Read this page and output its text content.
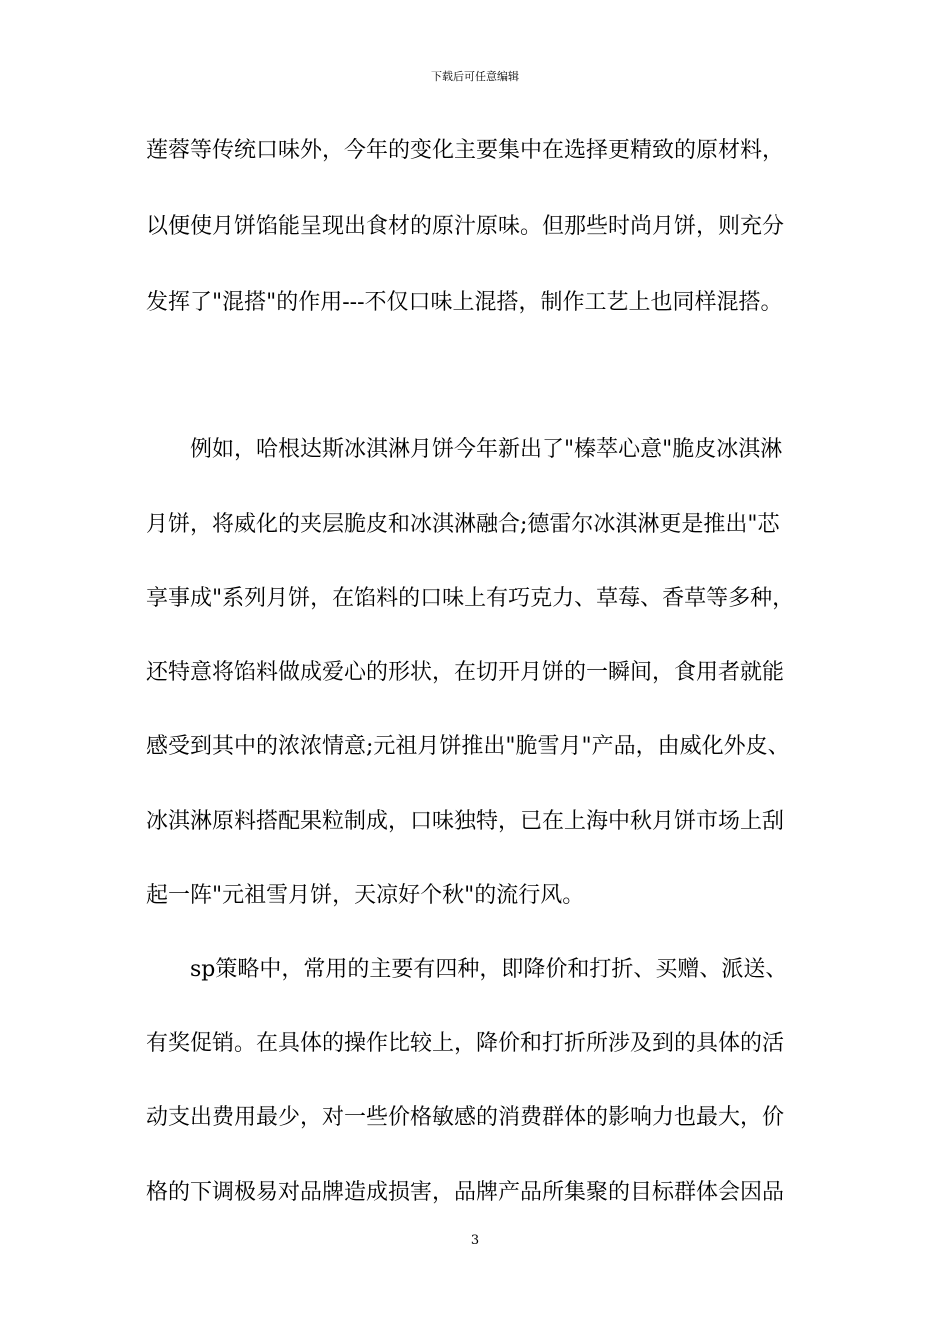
下载后可任意编辑
莲蓉等传统口味外，今年的变化主要集中在选择更精致的原材料，
以便使月饼馅能呈现出食材的原汁原味。但那些时尚月饼，则充分
发挥了"混搭"的作用---不仅口味上混搭，制作工艺上也同样混搭。
例如，哈根达斯冰淇淋月饼今年新出了"榛萃心意"脆皮冰淇淋
月饼，将威化的夹层脆皮和冰淇淋融合;德雷尔冰淇淋更是推出"芯
享事成"系列月饼，在馅料的口味上有巧克力、草莓、香草等多种，
还特意将馅料做成爱心的形状，在切开月饼的一瞬间，食用者就能
感受到其中的浓浓情意;元祖月饼推出"脆雪月"产品，由威化外皮、
冰淇淋原料搭配果粒制成，口味独特，已在上海中秋月饼市场上刮
起一阵"元祖雪月饼，天凉好个秋"的流行风。
sp策略中，常用的主要有四种，即降价和打折、买赠、派送、
有奖促销。在具体的操作比较上，降价和打折所涉及到的具体的活
动支出费用最少，对一些价格敏感的消费群体的影响力也最大，价
格的下调极易对品牌造成损害，品牌产品所集聚的目标群体会因品
3
